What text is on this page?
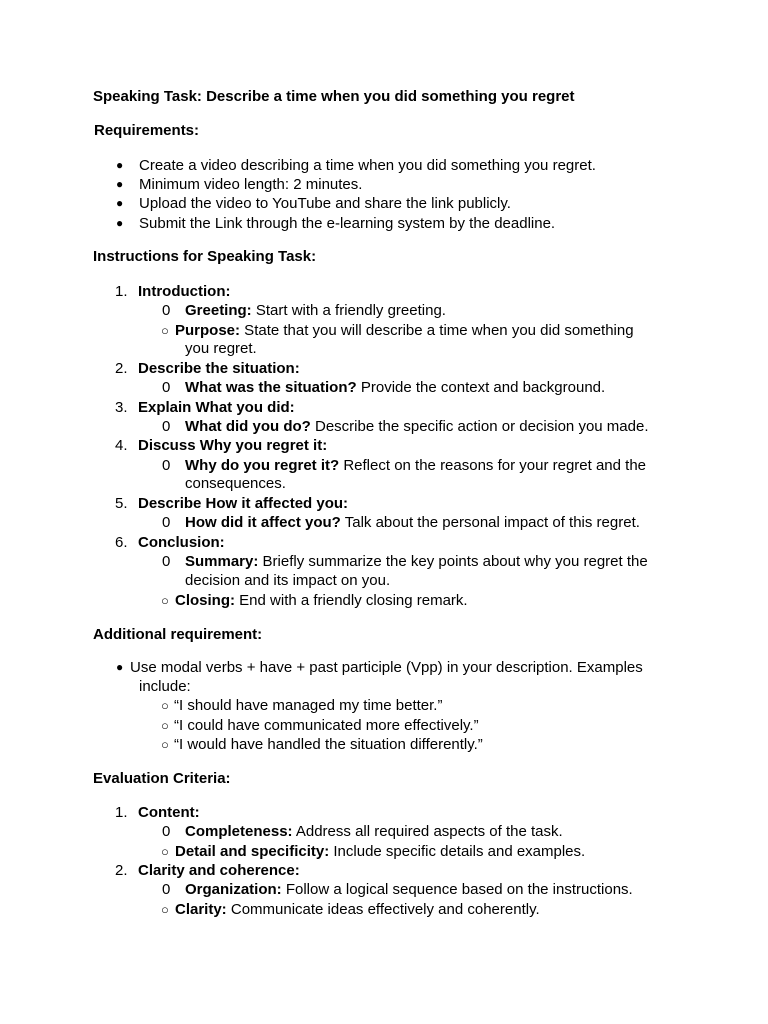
Speaking Task: Describe a time when you did something you regret
Requirements:
● Create a video describing a time when you did something you regret.
● Minimum video length: 2 minutes.
● Upload the video to YouTube and share the link publicly.
● Submit the Link through the e-learning system by the deadline.
Instructions for Speaking Task:
1. Introduction:
0 Greeting: Start with a friendly greeting.
○ Purpose: State that you will describe a time when you did something
you regret.
2. Describe the situation:
0 What was the situation? Provide the context and background.
3. Explain What you did:
0 What did you do? Describe the specific action or decision you made.
4. Discuss Why you regret it:
0 Why do you regret it? Reflect on the reasons for your regret and the
consequences.
5. Describe How it affected you:
0 How did it affect you? Talk about the personal impact of this regret.
6. Conclusion:
0 Summary: Briefly summarize the key points about why you regret the
decision and its impact on you.
○ Closing: End with a friendly closing remark.
Additional requirement:
● Use modal verbs + have + past participle (Vpp) in your description. Examples
include:
○ “I should have managed my time better.”
○ “I could have communicated more effectively.”
○ “I would have handled the situation differently.”
Evaluation Criteria:
1. Content:
0 Completeness: Address all required aspects of the task.
○ Detail and specificity: Include specific details and examples.
2. Clarity and coherence:
0 Organization: Follow a logical sequence based on the instructions.
○ Clarity: Communicate ideas effectively and coherently.
